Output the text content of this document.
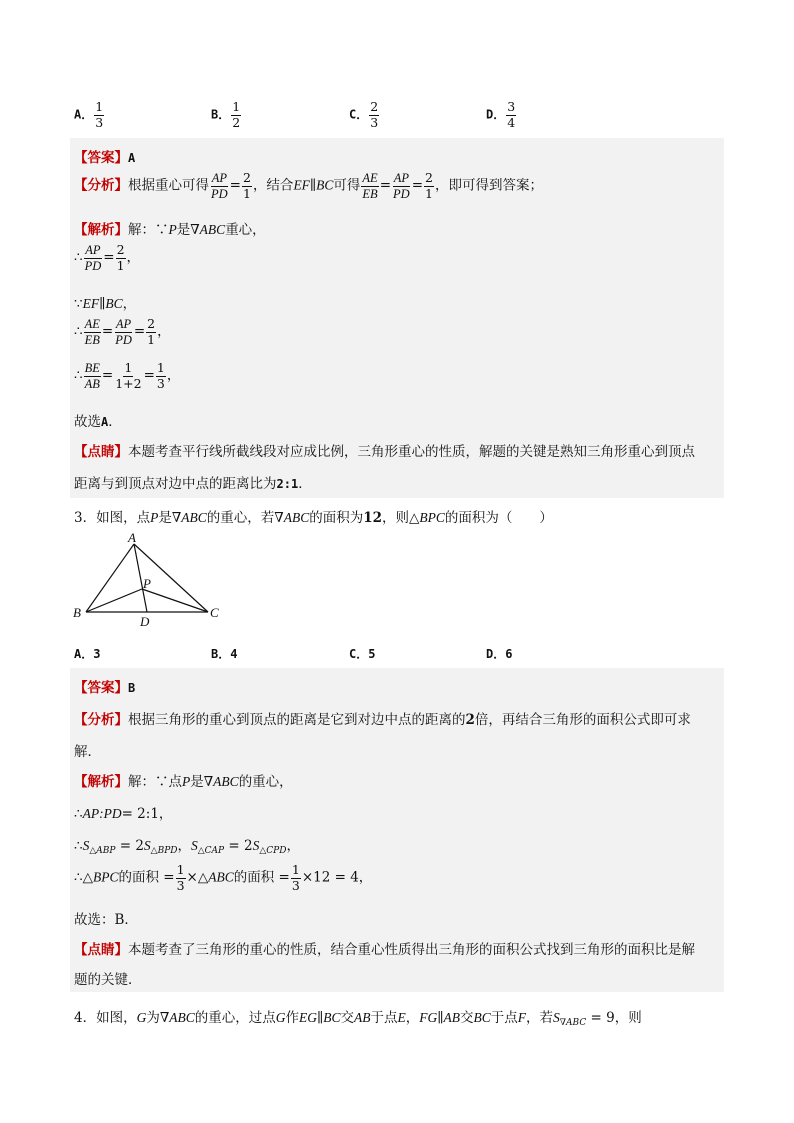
A． $\frac{1}{3}$	B． $\frac{1}{2}$	C． $\frac{2}{3}$	D． $\frac{3}{4}$
【答案】A
【分析】根据重心可得 $\frac{AP}{PD} = \frac{2}{1}$ ，结合EF∥BC可得 $\frac{AE}{EB} = \frac{AP}{PD} = \frac{2}{1}$ ，即可得到答案；
【解析】解：∵P是∇ABC重心，
∴ $\frac{AP}{PD} = \frac{2}{1}$ ，
∵EF∥BC，
∴ $\frac{AE}{EB} = \frac{AP}{PD} = \frac{2}{1}$ ，
∴ $\frac{BE}{AB} = \frac{1}{1+2} = \frac{1}{3}$ ，
故选A．
【点睛】本题考查平行线所截线段对应成比例，三角形重心的性质，解题的关键是熟知三角形重心到顶点
距离与到顶点对边中点的距离比为2:1．
3．如图，点P是∇ABC的重心，若∇ABC的面积为12，则△BPC的面积为（　　）
A
B	C
D
P
A．3	B．4	C．5	D．6
【答案】B
【分析】根据三角形的重心到顶点的距离是它到对边中点的距离的2倍，再结合三角形的面积公式即可求
解．
【解析】解：∵点P是∇ABC的重心，
∴AP:PD= 2:1，
$\therefore S_{\triangle ABP} = 2S_{\triangle BPD}$，$S_{\triangle CAP} = 2S_{\triangle CPD}$，
∴△BPC的面积 = $\frac{1}{3}$ ×△ABC的面积 = $\frac{1}{3} \times 12 = 4$，
故选：B．
【点睛】本题考查了三角形的重心的性质，结合重心性质得出三角形的面积公式找到三角形的面积比是解
题的关键．
4．如图，G为∇ABC的重心，过点G作EG∥BC交AB于点E，FG∥AB交BC于点F，若$S_{\nabla ABC} = 9$，则
